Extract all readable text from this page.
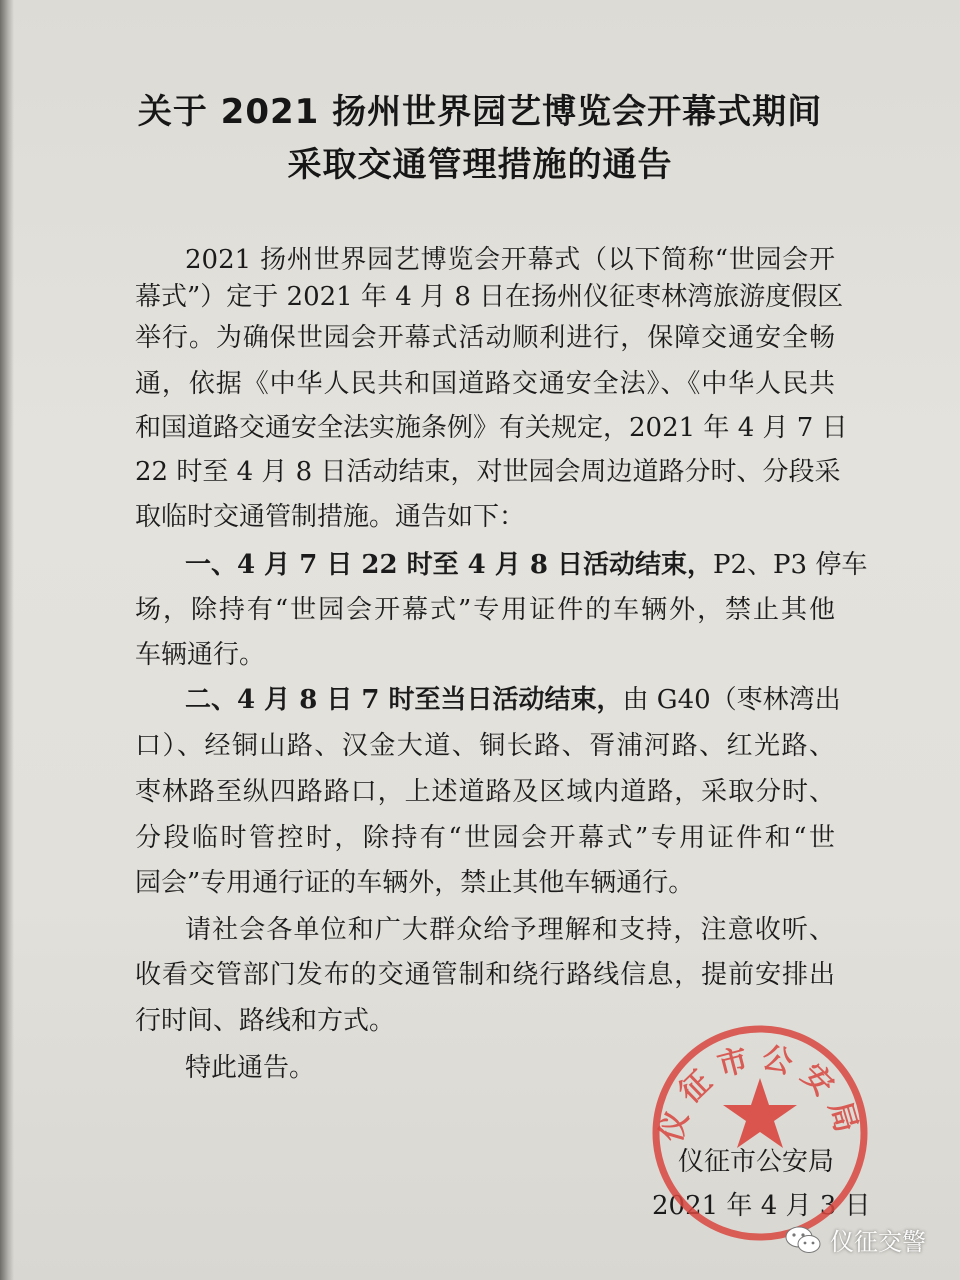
关于 2021 扬州世界园艺博览会开幕式期间
采取交通管理措施的通告
2021 扬州世界园艺博览会开幕式（以下简称“世园会开
幕式”）定于 2021 年 4 月 8 日在扬州仪征枣林湾旅游度假区
举行。为确保世园会开幕式活动顺利进行，保障交通安全畅
通，依据《中华人民共和国道路交通安全法》、《中华人民共
和国道路交通安全法实施条例》有关规定，2021 年 4 月 7 日
22 时至 4 月 8 日活动结束，对世园会周边道路分时、分段采
取临时交通管制措施。通告如下：
一、4 月 7 日 22 时至 4 月 8 日活动结束，P2、P3 停车
场，除持有“世园会开幕式”专用证件的车辆外，禁止其他
车辆通行。
二、4 月 8 日 7 时至当日活动结束，由 G40（枣林湾出
口）、经铜山路、汉金大道、铜长路、胥浦河路、红光路、
枣林路至纵四路路口，上述道路及区域内道路，采取分时、
分段临时管控时，除持有“世园会开幕式”专用证件和“世
园会”专用通行证的车辆外，禁止其他车辆通行。
请社会各单位和广大群众给予理解和支持，注意收听、
收看交管部门发布的交通管制和绕行路线信息，提前安排出
行时间、路线和方式。
特此通告。
仪征市公安局
2021 年 4 月 3 日
仪征市公安局
仪征交警
